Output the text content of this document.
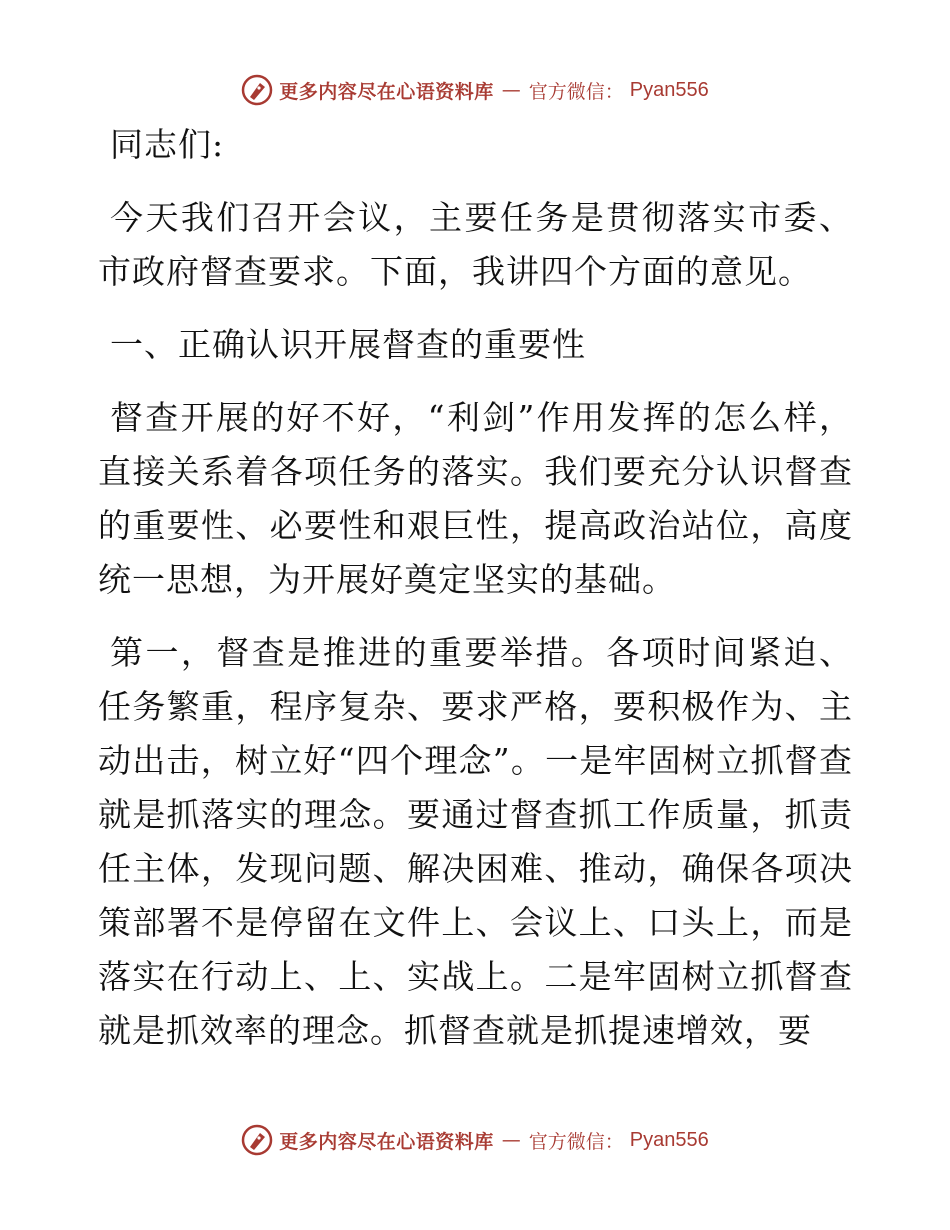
更多内容尽在心语资料库 — 官方微信： Pyan556

同志们:

今天我们召开会议，主要任务是贯彻落实市委、市政府督查要求。下面，我讲四个方面的意见。

一、正确认识开展督查的重要性

督查开展的好不好，“利剑”作用发挥的怎么样，直接关系着各项任务的落实。我们要充分认识督查的重要性、必要性和艰巨性，提高政治站位，高度统一思想，为开展好奠定坚实的基础。

第一，督查是推进的重要举措。各项时间紧迫、任务繁重，程序复杂、要求严格，要积极作为、主动出击，树立好“四个理念”。一是牢固树立抓督查就是抓落实的理念。要通过督查抓工作质量，抓责任主体，发现问题、解决困难、推动，确保各项决策部署不是停留在文件上、会议上、口头上，而是落实在行动上、上、实战上。二是牢固树立抓督查就是抓效率的理念。抓督查就是抓提速增效，要

更多内容尽在心语资料库 — 官方微信： Pyan556
